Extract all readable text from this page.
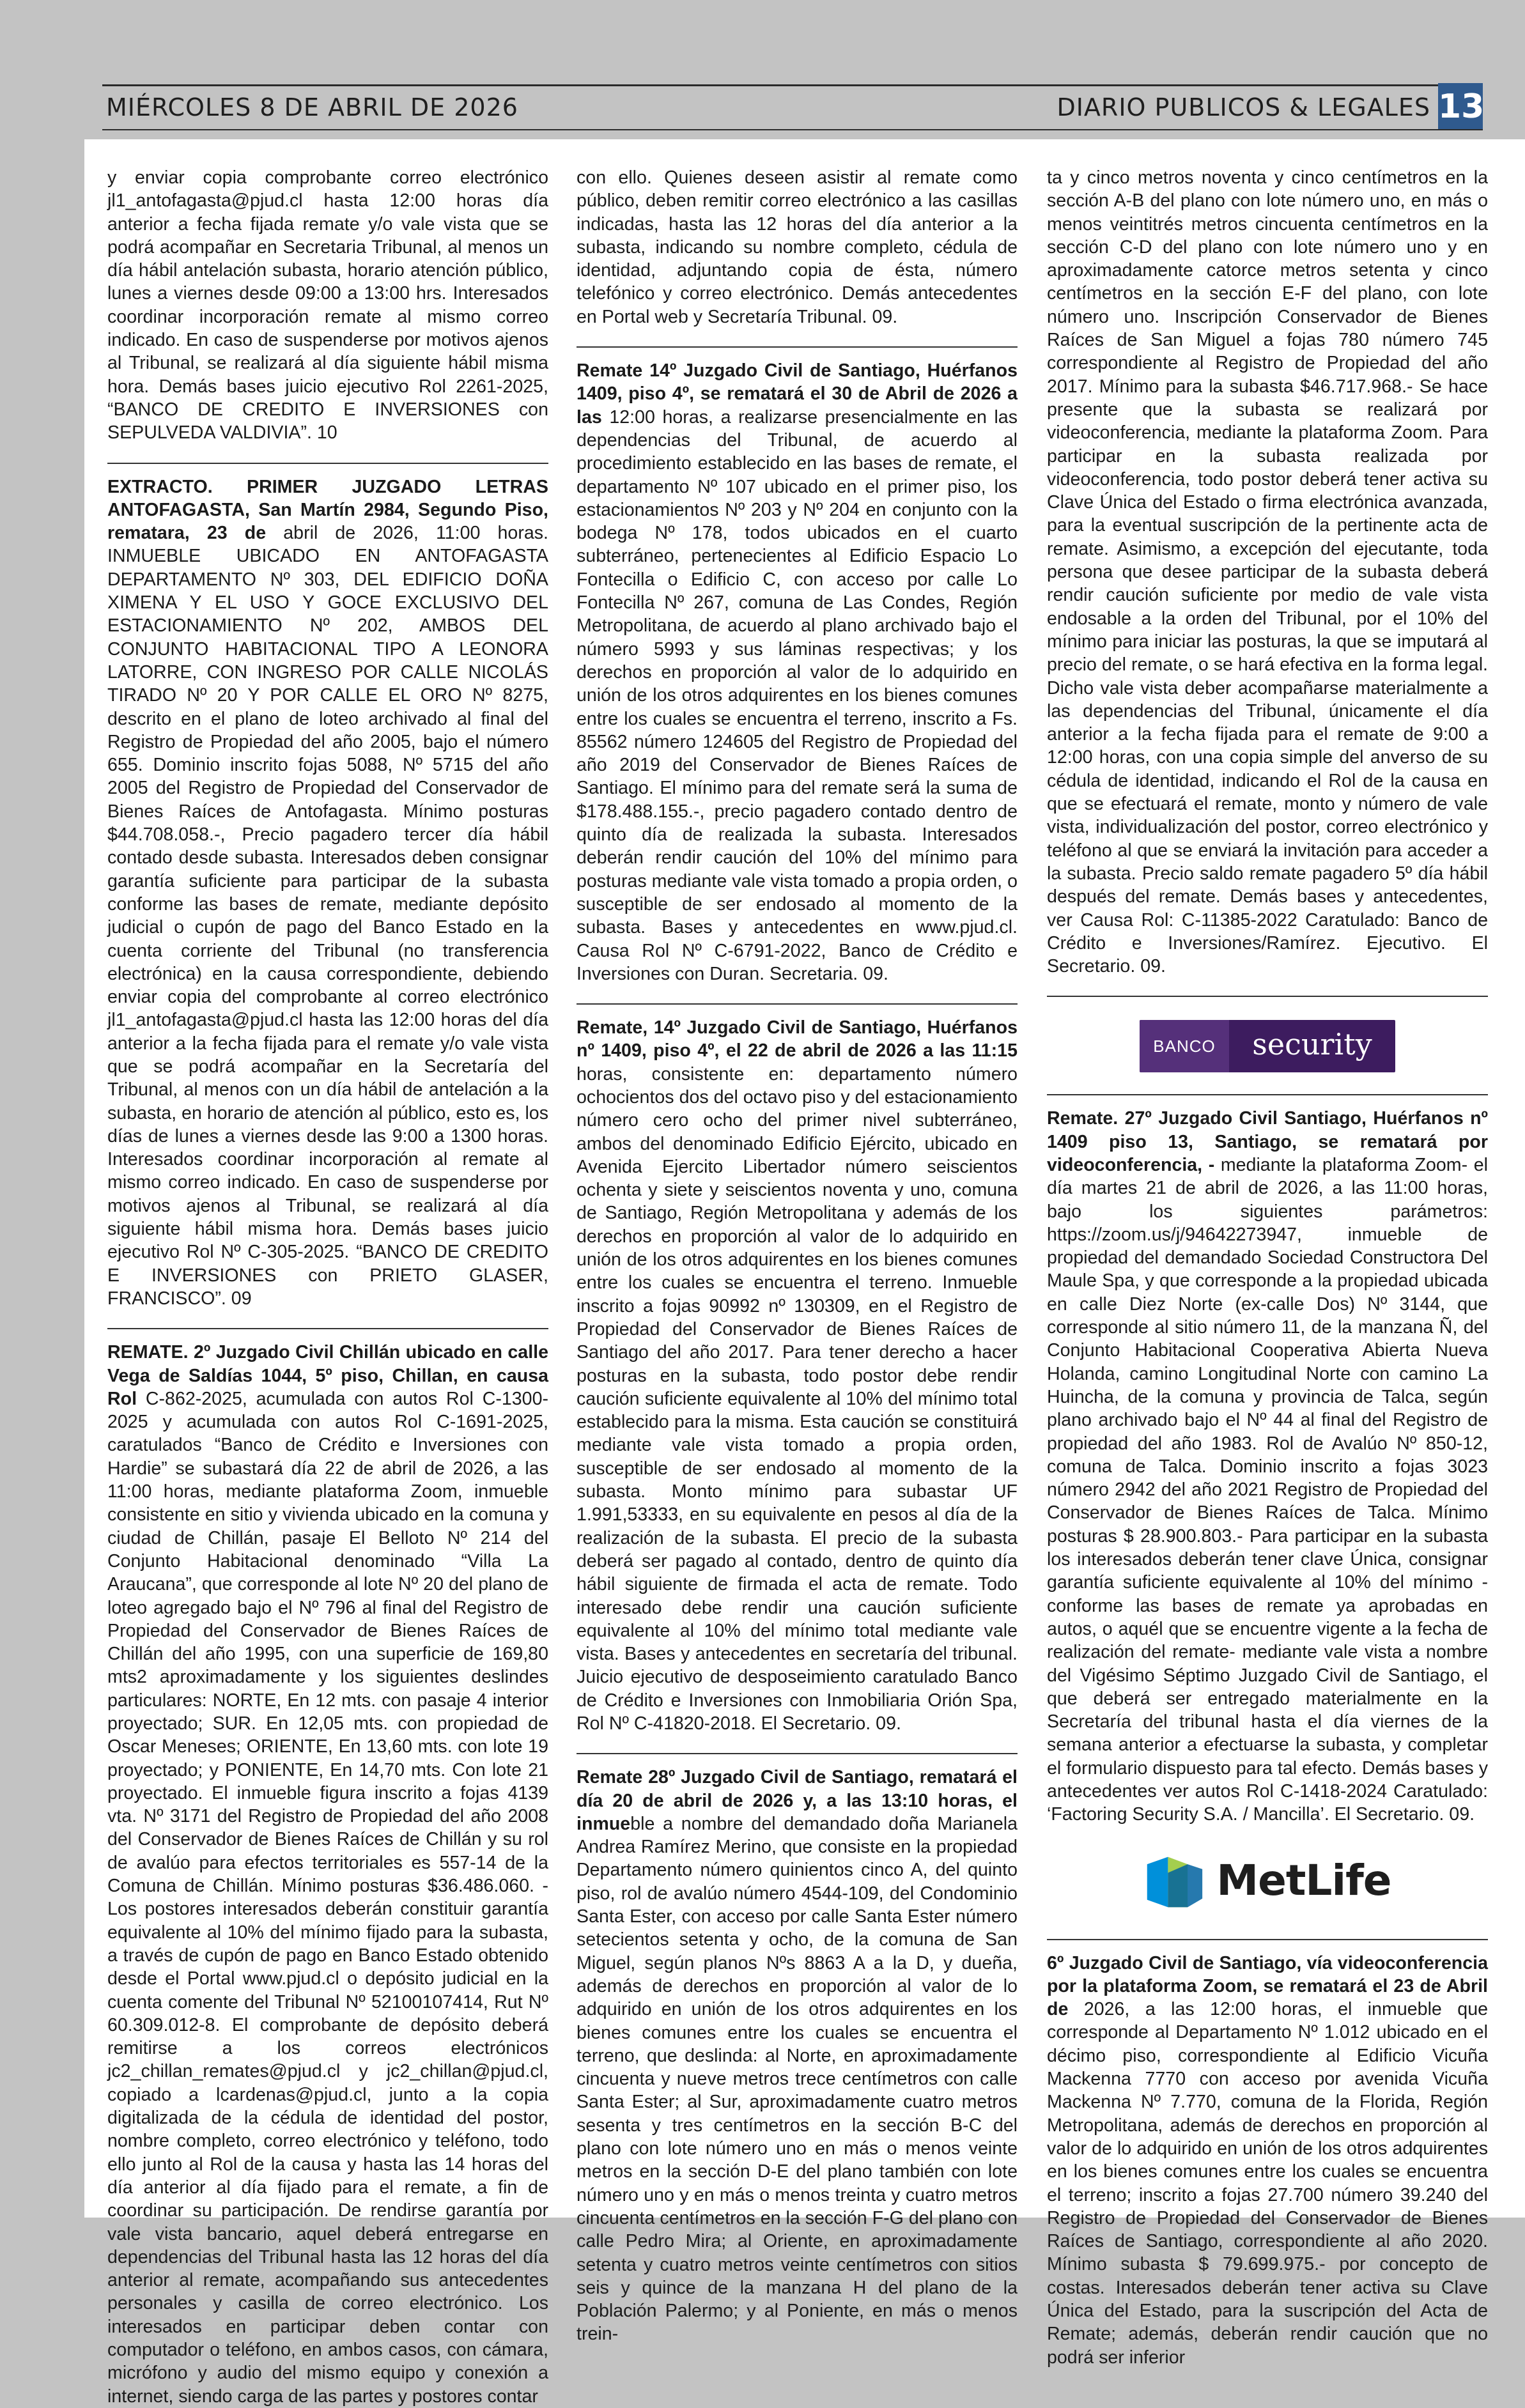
MIÉRCOLES 8 DE ABRIL DE 2026	DIARIO PUBLICOS & LEGALES 13

y enviar copia comprobante correo electrónico jl1_antofagasta@pjud.cl hasta 12:00 horas día anterior a fecha fijada remate y/o vale vista que se podrá acompañar en Secretaria Tribunal, al menos un día hábil antelación subasta, horario atención público, lunes a viernes desde 09:00 a 13:00 hrs. Interesados coordinar incorporación remate al mismo correo indicado. En caso de suspenderse por motivos ajenos al Tribunal, se realizará al día siguiente hábil misma hora. Demás bases juicio ejecutivo Rol 2261-2025, “BANCO DE CREDITO E INVERSIONES con SEPULVEDA VALDIVIA”. 10

EXTRACTO. PRIMER JUZGADO LETRAS ANTOFAGASTA, San Martín 2984, Segundo Piso, rematara, 23 de abril de 2026, 11:00 horas. INMUEBLE UBICADO EN ANTOFAGASTA DEPARTAMENTO Nº 303, DEL EDIFICIO DOÑA XIMENA Y EL USO Y GOCE EXCLUSIVO DEL ESTACIONAMIENTO Nº 202, AMBOS DEL CONJUNTO HABITACIONAL TIPO A LEONORA LATORRE, CON INGRESO POR CALLE NICOLÁS TIRADO Nº 20 Y POR CALLE EL ORO Nº 8275, descrito en el plano de loteo archivado al final del Registro de Propiedad del año 2005, bajo el número 655. Dominio inscrito fojas 5088, Nº 5715 del año 2005 del Registro de Propiedad del Conservador de Bienes Raíces de Antofagasta. Mínimo posturas $44.708.058.-, Precio pagadero tercer día hábil contado desde subasta. Interesados deben consignar garantía suficiente para participar de la subasta conforme las bases de remate, mediante depósito judicial o cupón de pago del Banco Estado en la cuenta corriente del Tribunal (no transferencia electrónica) en la causa correspondiente, debiendo enviar copia del comprobante al correo electrónico jl1_antofagasta@pjud.cl hasta las 12:00 horas del día anterior a la fecha fijada para el remate y/o vale vista que se podrá acompañar en la Secretaría del Tribunal, al menos con un día hábil de antelación a la subasta, en horario de atención al público, esto es, los días de lunes a viernes desde las 9:00 a 1300 horas. Interesados coordinar incorporación al remate al mismo correo indicado. En caso de suspenderse por motivos ajenos al Tribunal, se realizará al día siguiente hábil misma hora. Demás bases juicio ejecutivo Rol Nº C-305-2025. “BANCO DE CREDITO E INVERSIONES con PRIETO GLASER, FRANCISCO”. 09

REMATE. 2º Juzgado Civil Chillán ubicado en calle Vega de Saldías 1044, 5º piso, Chillan, en causa Rol C-862-2025, acumulada con autos Rol C-1300-2025 y acumulada con autos Rol C-1691-2025, caratulados “Banco de Crédito e Inversiones con Hardie” se subastará día 22 de abril de 2026, a las 11:00 horas, mediante plataforma Zoom, inmueble consistente en sitio y vivienda ubicado en la comuna y ciudad de Chillán, pasaje El Belloto Nº 214 del Conjunto Habitacional denominado “Villa La Araucana”, que corresponde al lote Nº 20 del plano de loteo agregado bajo el Nº 796 al final del Registro de Propiedad del Conservador de Bienes Raíces de Chillán del año 1995, con una superficie de 169,80 mts2 aproximadamente y los siguientes deslindes particulares: NORTE, En 12 mts. con pasaje 4 interior proyectado; SUR. En 12,05 mts. con propiedad de Oscar Meneses; ORIENTE, En 13,60 mts. con lote 19 proyectado; y PONIENTE, En 14,70 mts. Con lote 21 proyectado. El inmueble figura inscrito a fojas 4139 vta. Nº 3171 del Registro de Propiedad del año 2008 del Conservador de Bienes Raíces de Chillán y su rol de avalúo para efectos territoriales es 557-14 de la Comuna de Chillán. Mínimo posturas $36.486.060. - Los postores interesados deberán constituir garantía equivalente al 10% del mínimo fijado para la subasta, a través de cupón de pago en Banco Estado obtenido desde el Portal www.pjud.cl o depósito judicial en la cuenta comente del Tribunal Nº 52100107414, Rut Nº 60.309.012-8. El comprobante de depósito deberá remitirse a los correos electrónicos jc2_chillan_remates@pjud.cl y jc2_chillan@pjud.cl, copiado a lcardenas@pjud.cl, junto a la copia digitalizada de la cédula de identidad del postor, nombre completo, correo electrónico y teléfono, todo ello junto al Rol de la causa y hasta las 14 horas del día anterior al día fijado para el remate, a fin de coordinar su participación. De rendirse garantía por vale vista bancario, aquel deberá entregarse en dependencias del Tribunal hasta las 12 horas del día anterior al remate, acompañando sus antecedentes personales y casilla de correo electrónico. Los interesados en participar deben contar con computador o teléfono, en ambos casos, con cámara, micrófono y audio del mismo equipo y conexión a internet, siendo carga de las partes y postores contar

con ello. Quienes deseen asistir al remate como público, deben remitir correo electrónico a las casillas indicadas, hasta las 12 horas del día anterior a la subasta, indicando su nombre completo, cédula de identidad, adjuntando copia de ésta, número telefónico y correo electrónico. Demás antecedentes en Portal web y Secretaría Tribunal. 09.

Remate 14º Juzgado Civil de Santiago, Huérfanos 1409, piso 4º, se rematará el 30 de Abril de 2026 a las 12:00 horas, a realizarse presencialmente en las dependencias del Tribunal, de acuerdo al procedimiento establecido en las bases de remate, el departamento Nº 107 ubicado en el primer piso, los estacionamientos Nº 203 y Nº 204 en conjunto con la bodega Nº 178, todos ubicados en el cuarto subterráneo, pertenecientes al Edificio Espacio Lo Fontecilla o Edificio C, con acceso por calle Lo Fontecilla Nº 267, comuna de Las Condes, Región Metropolitana, de acuerdo al plano archivado bajo el número 5993 y sus láminas respectivas; y los derechos en proporción al valor de lo adquirido en unión de los otros adquirentes en los bienes comunes entre los cuales se encuentra el terreno, inscrito a Fs. 85562 número 124605 del Registro de Propiedad del año 2019 del Conservador de Bienes Raíces de Santiago. El mínimo para del remate será la suma de $178.488.155.-, precio pagadero contado dentro de quinto día de realizada la subasta. Interesados deberán rendir caución del 10% del mínimo para posturas mediante vale vista tomado a propia orden, o susceptible de ser endosado al momento de la subasta. Bases y antecedentes en www.pjud.cl. Causa Rol Nº C-6791-2022, Banco de Crédito e Inversiones con Duran. Secretaria. 09.

Remate, 14º Juzgado Civil de Santiago, Huérfanos nº 1409, piso 4º, el 22 de abril de 2026 a las 11:15 horas, consistente en: departamento número ochocientos dos del octavo piso y del estacionamiento número cero ocho del primer nivel subterráneo, ambos del denominado Edificio Ejército, ubicado en Avenida Ejercito Libertador número seiscientos ochenta y siete y seiscientos noventa y uno, comuna de Santiago, Región Metropolitana y además de los derechos en proporción al valor de lo adquirido en unión de los otros adquirentes en los bienes comunes entre los cuales se encuentra el terreno. Inmueble inscrito a fojas 90992 nº 130309, en el Registro de Propiedad del Conservador de Bienes Raíces de Santiago del año 2017. Para tener derecho a hacer posturas en la subasta, todo postor debe rendir caución suficiente equivalente al 10% del mínimo total establecido para la misma. Esta caución se constituirá mediante vale vista tomado a propia orden, susceptible de ser endosado al momento de la subasta. Monto mínimo para subastar UF 1.991,53333, en su equivalente en pesos al día de la realización de la subasta. El precio de la subasta deberá ser pagado al contado, dentro de quinto día hábil siguiente de firmada el acta de remate. Todo interesado debe rendir una caución suficiente equivalente al 10% del mínimo total mediante vale vista. Bases y antecedentes en secretaría del tribunal. Juicio ejecutivo de desposeimiento caratulado Banco de Crédito e Inversiones con Inmobiliaria Orión Spa, Rol Nº C-41820-2018. El Secretario. 09.

Remate 28º Juzgado Civil de Santiago, rematará el día 20 de abril de 2026 y, a las 13:10 horas, el inmueble a nombre del demandado doña Marianela Andrea Ramírez Merino, que consiste en la propiedad Departamento número quinientos cinco A, del quinto piso, rol de avalúo número 4544-109, del Condominio Santa Ester, con acceso por calle Santa Ester número setecientos setenta y ocho, de la comuna de San Miguel, según planos Nºs 8863 A a la D, y dueña, además de derechos en proporción al valor de lo adquirido en unión de los otros adquirentes en los bienes comunes entre los cuales se encuentra el terreno, que deslinda: al Norte, en aproximadamente cincuenta y nueve metros trece centímetros con calle Santa Ester; al Sur, aproximadamente cuatro metros sesenta y tres centímetros en la sección B-C del plano con lote número uno en más o menos veinte metros en la sección D-E del plano también con lote número uno y en más o menos treinta y cuatro metros cincuenta centímetros en la sección F-G del plano con calle Pedro Mira; al Oriente, en aproximadamente setenta y cuatro metros veinte centímetros con sitios seis y quince de la manzana H del plano de la Población Palermo; y al Poniente, en más o menos trein-

ta y cinco metros noventa y cinco centímetros en la sección A-B del plano con lote número uno, en más o menos veintitrés metros cincuenta centímetros en la sección C-D del plano con lote número uno y en aproximadamente catorce metros setenta y cinco centímetros en la sección E-F del plano, con lote número uno. Inscripción Conservador de Bienes Raíces de San Miguel a fojas 780 número 745 correspondiente al Registro de Propiedad del año 2017. Mínimo para la subasta $46.717.968.- Se hace presente que la subasta se realizará por videoconferencia, mediante la plataforma Zoom. Para participar en la subasta realizada por videoconferencia, todo postor deberá tener activa su Clave Única del Estado o firma electrónica avanzada, para la eventual suscripción de la pertinente acta de remate. Asimismo, a excepción del ejecutante, toda persona que desee participar de la subasta deberá rendir caución suficiente por medio de vale vista endosable a la orden del Tribunal, por el 10% del mínimo para iniciar las posturas, la que se imputará al precio del remate, o se hará efectiva en la forma legal. Dicho vale vista deber acompañarse materialmente a las dependencias del Tribunal, únicamente el día anterior a la fecha fijada para el remate de 9:00 a 12:00 horas, con una copia simple del anverso de su cédula de identidad, indicando el Rol de la causa en que se efectuará el remate, monto y número de vale vista, individualización del postor, correo electrónico y teléfono al que se enviará la invitación para acceder a la subasta. Precio saldo remate pagadero 5º día hábil después del remate. Demás bases y antecedentes, ver Causa Rol: C-11385-2022 Caratulado: Banco de Crédito e Inversiones/Ramírez. Ejecutivo. El Secretario. 09.

BANCO	security

Remate. 27º Juzgado Civil Santiago, Huérfanos nº 1409 piso 13, Santiago, se rematará por videoconferencia, - mediante la plataforma Zoom- el día martes 21 de abril de 2026, a las 11:00 horas, bajo los siguientes parámetros: https://zoom.us/j/94642273947, inmueble de propiedad del demandado Sociedad Constructora Del Maule Spa, y que corresponde a la propiedad ubicada en calle Diez Norte (ex-calle Dos) Nº 3144, que corresponde al sitio número 11, de la manzana Ñ, del Conjunto Habitacional Cooperativa Abierta Nueva Holanda, camino Longitudinal Norte con camino La Huincha, de la comuna y provincia de Talca, según plano archivado bajo el Nº 44 al final del Registro de propiedad del año 1983. Rol de Avalúo Nº 850-12, comuna de Talca. Dominio inscrito a fojas 3023 número 2942 del año 2021 Registro de Propiedad del Conservador de Bienes Raíces de Talca. Mínimo posturas $ 28.900.803.- Para participar en la subasta los interesados deberán tener clave Única, consignar garantía suficiente equivalente al 10% del mínimo -conforme las bases de remate ya aprobadas en autos, o aquél que se encuentre vigente a la fecha de realización del remate- mediante vale vista a nombre del Vigésimo Séptimo Juzgado Civil de Santiago, el que deberá ser entregado materialmente en la Secretaría del tribunal hasta el día viernes de la semana anterior a efectuarse la subasta, y completar el formulario dispuesto para tal efecto. Demás bases y antecedentes ver autos Rol C-1418-2024 Caratulado: ‘Factoring Security S.A. / Mancilla’. El Secretario. 09.

MetLife

6º Juzgado Civil de Santiago, vía videoconferencia por la plataforma Zoom, se rematará el 23 de Abril de 2026, a las 12:00 horas, el inmueble que corresponde al Departamento Nº 1.012 ubicado en el décimo piso, correspondiente al Edificio Vicuña Mackenna 7770 con acceso por avenida Vicuña Mackenna Nº 7.770, comuna de la Florida, Región Metropolitana, además de derechos en proporción al valor de lo adquirido en unión de los otros adquirentes en los bienes comunes entre los cuales se encuentra el terreno; inscrito a fojas 27.700 número 39.240 del Registro de Propiedad del Conservador de Bienes Raíces de Santiago, correspondiente al año 2020. Mínimo subasta $ 79.699.975.- por concepto de costas. Interesados deberán tener activa su Clave Única del Estado, para la suscripción del Acta de Remate; además, deberán rendir caución que no podrá ser inferior
